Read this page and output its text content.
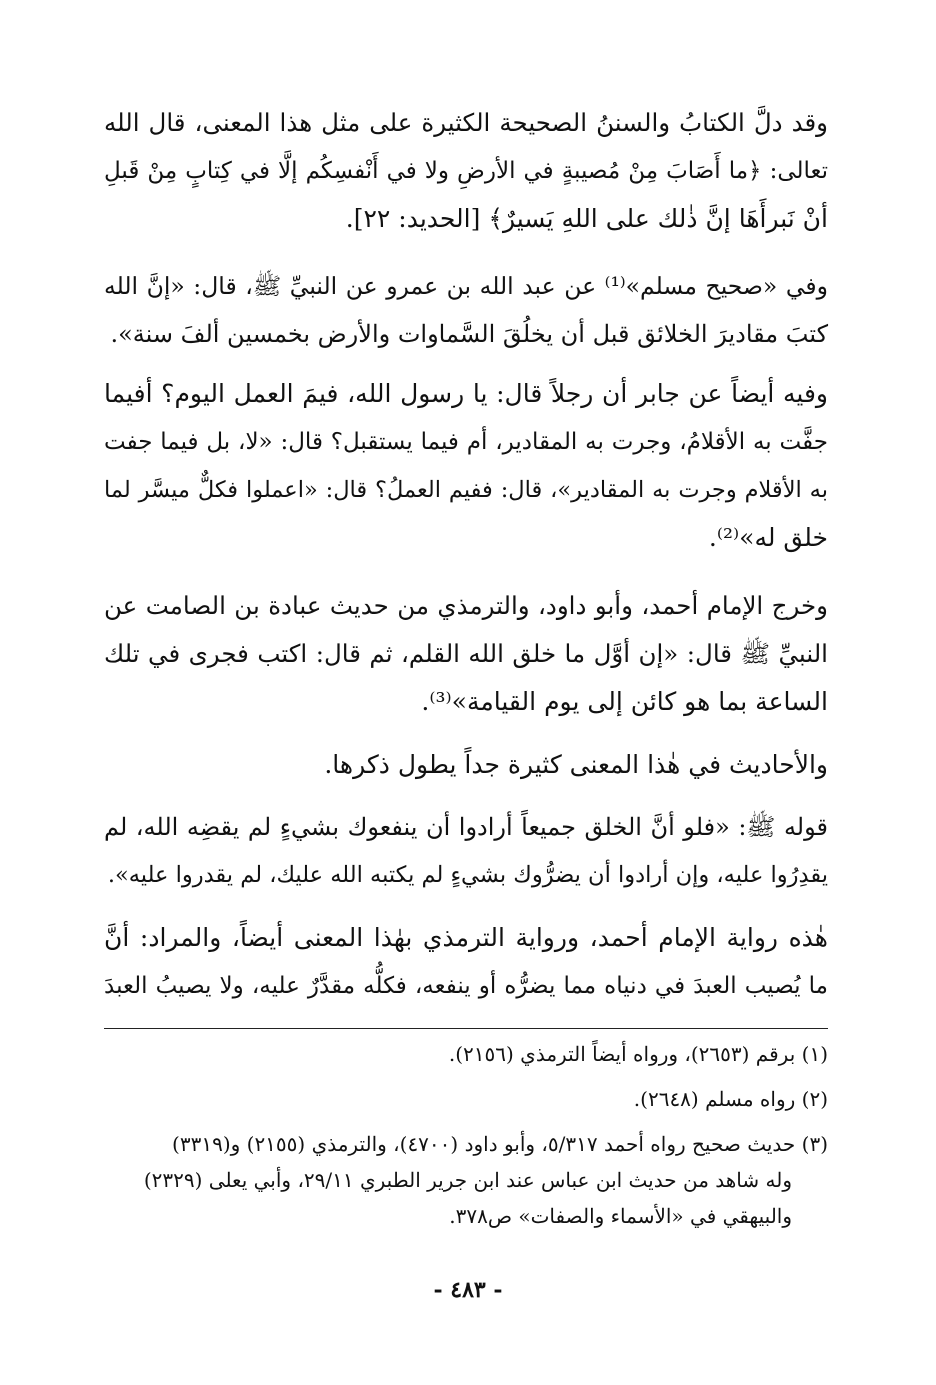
وقد دلَّ الكتابُ والسننُ الصحيحة الكثيرة على مثل هذا المعنى، قال الله
تعالى: ﴿ما أَصَابَ مِنْ مُصيبةٍ في الأرضِ ولا في أَنْفسِكُم إلَّا في كِتابٍ مِنْ قَبلِ
أنْ نَبرأَهَا إنَّ ذٰلك على اللهِ يَسيرٌ﴾ [الحديد: ٢٢].
وفي «صحيح مسلم»⁽¹⁾ عن عبد الله بن عمرو عن النبيِّ ﷺ، قال: «إنَّ الله
كتبَ مقاديرَ الخلائق قبل أن يخلُقَ السَّماوات والأرض بخمسين ألفَ سنة».
وفيه أيضاً عن جابر أن رجلاً قال: يا رسول الله، فيمَ العمل اليوم؟ أفيما
جفَّت به الأقلامُ، وجرت به المقادير، أم فيما يستقبل؟ قال: «لا، بل فيما جفت
به الأقلام وجرت به المقادير»، قال: ففيم العملُ؟ قال: «اعملوا فكلٌّ ميسَّر لما
خلق له»⁽²⁾.
وخرج الإمام أحمد، وأبو داود، والترمذي من حديث عبادة بن الصامت عن
النبيِّ ﷺ قال: «إن أوَّل ما خلق الله القلم، ثم قال: اكتب فجرى في تلك
الساعة بما هو كائن إلى يوم القيامة»⁽³⁾.
والأحاديث في هٰذا المعنى كثيرة جداً يطول ذكرها.
قوله ﷺ: «فلو أنَّ الخلق جميعاً أرادوا أن ينفعوك بشيءٍ لم يقضِه الله، لم
يقدِرُوا عليه، وإن أرادوا أن يضرُّوك بشيءٍ لم يكتبه الله عليك، لم يقدروا عليه».
هٰذه رواية الإمام أحمد، ورواية الترمذي بهٰذا المعنى أيضاً، والمراد: أنَّ
ما يُصيب العبدَ في دنياه مما يضرُّه أو ينفعه، فكلُّه مقدَّرٌ عليه، ولا يصيبُ العبدَ
(١) برقم (٢٦٥٣)، ورواه أيضاً الترمذي (٢١٥٦).
(٢) رواه مسلم (٢٦٤٨).
(٣) حديث صحيح رواه أحمد ٥/٣١٧، وأبو داود (٤٧٠٠)، والترمذي (٢١٥٥) و(٣٣١٩)
وله شاهد من حديث ابن عباس عند ابن جرير الطبري ٢٩/١١، وأبي يعلى (٢٣٢٩)
والبيهقي في «الأسماء والصفات» ص٣٧٨.
- ٤٨٣ -
